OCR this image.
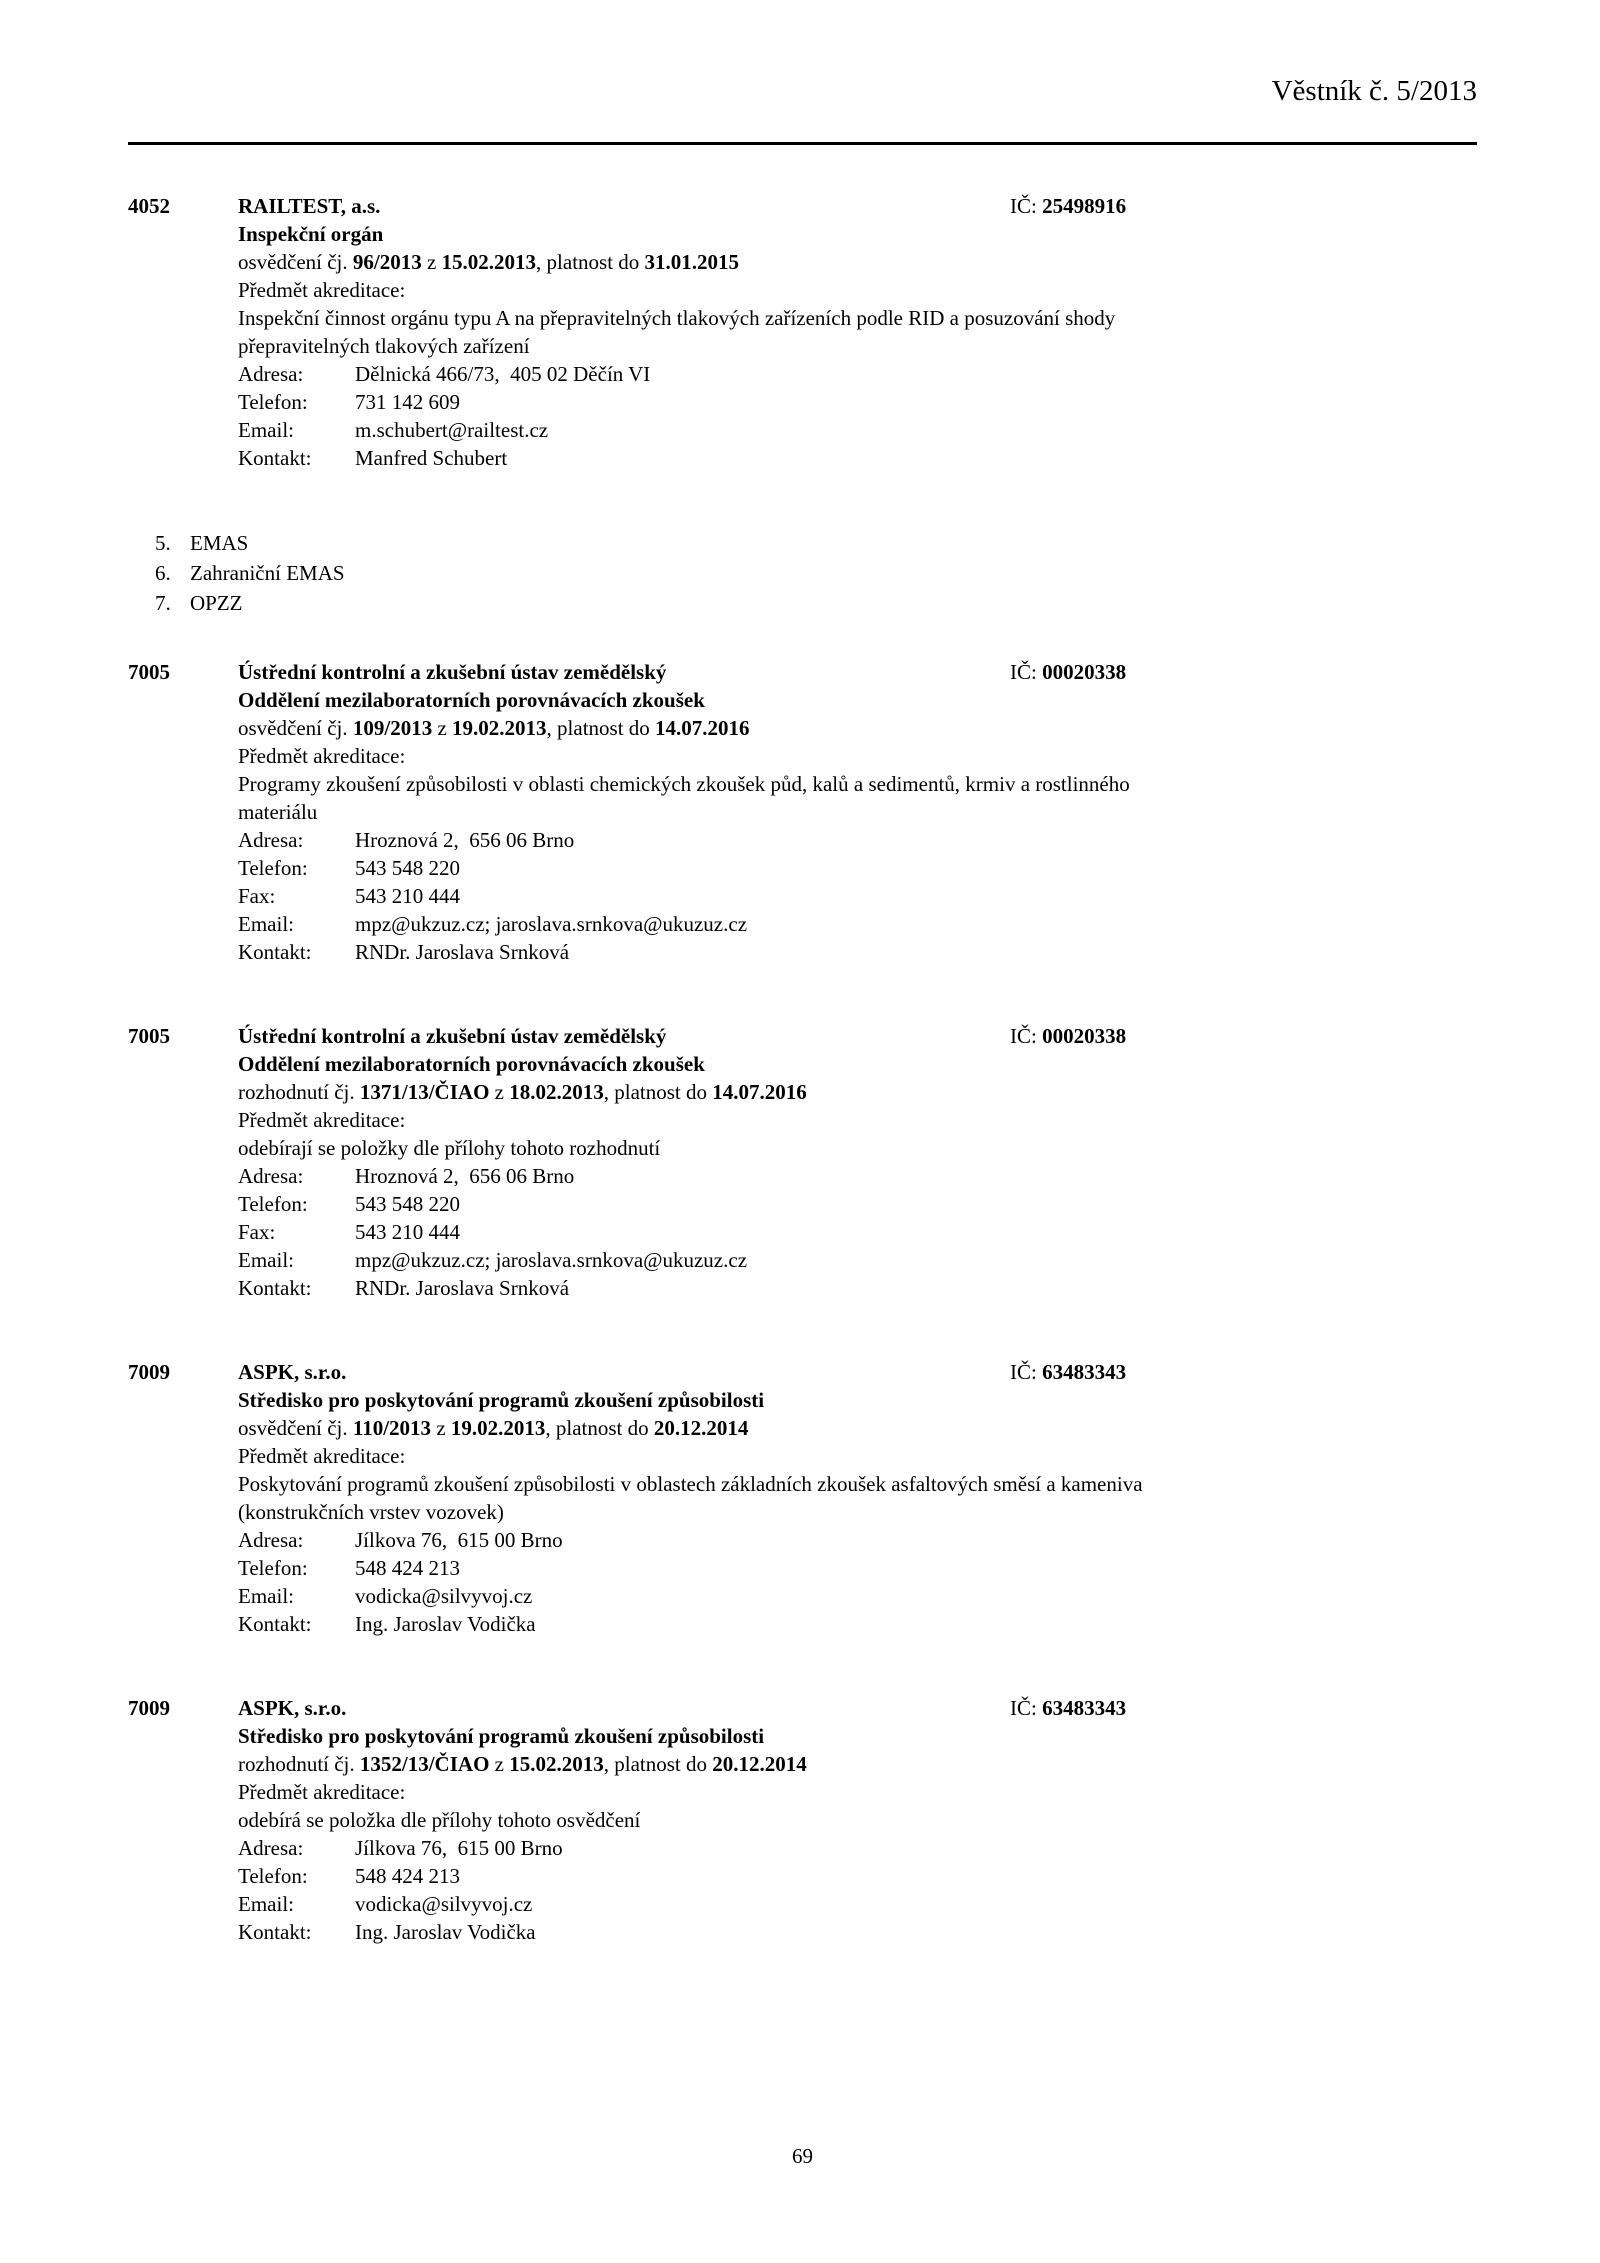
Věstník č. 5/2013
4052	RAILTEST, a.s.	IČ: 25498916
Inspekční orgán
osvědčení čj. 96/2013 z 15.02.2013, platnost do 31.01.2015
Předmět akreditace:
Inspekční činnost orgánu typu A na přepravitelných tlakových zařízeních podle RID a posuzování shody
přepravitelných tlakových zařízení
Adresa: Dělnická 466/73,  405 02 Děčín VI
Telefon: 731 142 609
Email:	m.schubert@railtest.cz
Kontakt: Manfred Schubert
5. EMAS
6. Zahraniční EMAS
7. OPZZ
7005	Ústřední kontrolní a zkušební ústav zemědělský	IČ: 00020338
Oddělení mezilaboratorních porovnávacích zkoušek
osvědčení čj. 109/2013 z 19.02.2013, platnost do 14.07.2016
Předmět akreditace:
Programy zkoušení způsobilosti v oblasti chemických zkoušek půd, kalů a sedimentů, krmiv a rostlinného
materiálu
Adresa: Hroznová 2,  656 06 Brno
Telefon: 543 548 220
Fax:	543 210 444
Email:	mpz@ukzuz.cz; jaroslava.srnkova@ukuzuz.cz
Kontakt: RNDr. Jaroslava Srnková
7005	Ústřední kontrolní a zkušební ústav zemědělský	IČ: 00020338
Oddělení mezilaboratorních porovnávacích zkoušek
rozhodnutí čj. 1371/13/ČIAO z 18.02.2013, platnost do 14.07.2016
Předmět akreditace:
odebírají se položky dle přílohy tohoto rozhodnutí
Adresa: Hroznová 2,  656 06 Brno
Telefon: 543 548 220
Fax:	543 210 444
Email:	mpz@ukzuz.cz; jaroslava.srnkova@ukuzuz.cz
Kontakt: RNDr. Jaroslava Srnková
7009	ASPK, s.r.o.	IČ: 63483343
Středisko pro poskytování programů zkoušení způsobilosti
osvědčení čj. 110/2013 z 19.02.2013, platnost do 20.12.2014
Předmět akreditace:
Poskytování programů zkoušení způsobilosti v oblastech základních zkoušek asfaltových směsí a kameniva
(konstrukčních vrstev vozovek)
Adresa: Jílkova 76,  615 00 Brno
Telefon: 548 424 213
Email:	vodicka@silvyvoj.cz
Kontakt: Ing. Jaroslav Vodička
7009	ASPK, s.r.o.	IČ: 63483343
Středisko pro poskytování programů zkoušení způsobilosti
rozhodnutí čj. 1352/13/ČIAO z 15.02.2013, platnost do 20.12.2014
Předmět akreditace:
odebírá se položka dle přílohy tohoto osvědčení
Adresa: Jílkova 76,  615 00 Brno
Telefon: 548 424 213
Email:	vodicka@silvyvoj.cz
Kontakt: Ing. Jaroslav Vodička
69
